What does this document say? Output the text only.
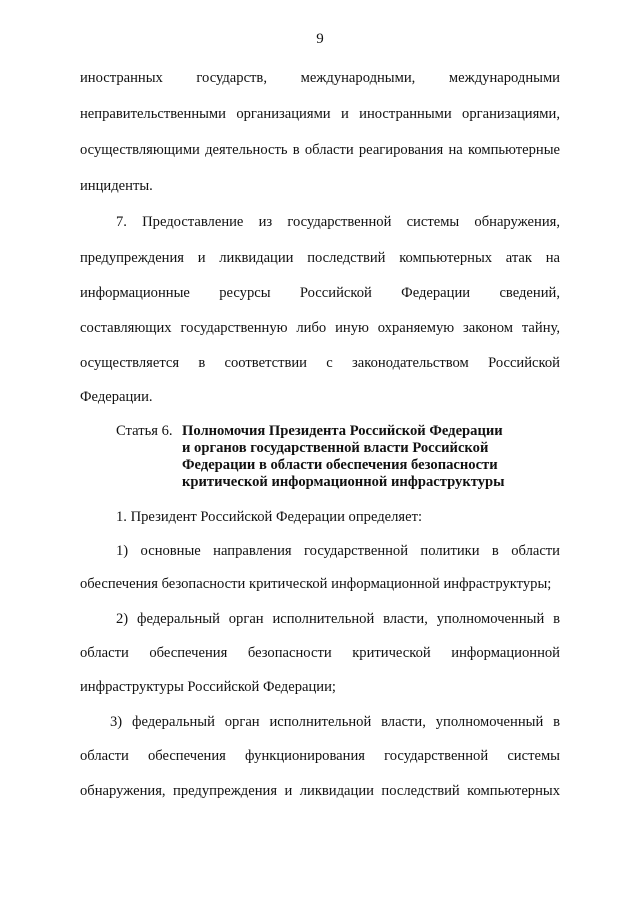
9
иностранных государств, международными, международными
неправительственными организациями и иностранными организациями,
осуществляющими деятельность в области реагирования на компьютерные
инциденты.
7. Предоставление из государственной системы обнаружения,
предупреждения и ликвидации последствий компьютерных атак на
информационные ресурсы Российской Федерации сведений,
составляющих государственную либо иную охраняемую законом тайну,
осуществляется в соответствии с законодательством Российской
Федерации.
Статья 6. Полномочия Президента Российской Федерации
и органов государственной власти Российской
Федерации в области обеспечения безопасности
критической информационной инфраструктуры
1. Президент Российской Федерации определяет:
1) основные направления государственной политики в области
обеспечения безопасности критической информационной инфраструктуры;
2) федеральный орган исполнительной власти, уполномоченный в
области обеспечения безопасности критической информационной
инфраструктуры Российской Федерации;
3) федеральный орган исполнительной власти, уполномоченный в
области обеспечения функционирования государственной системы
обнаружения, предупреждения и ликвидации последствий компьютерных
